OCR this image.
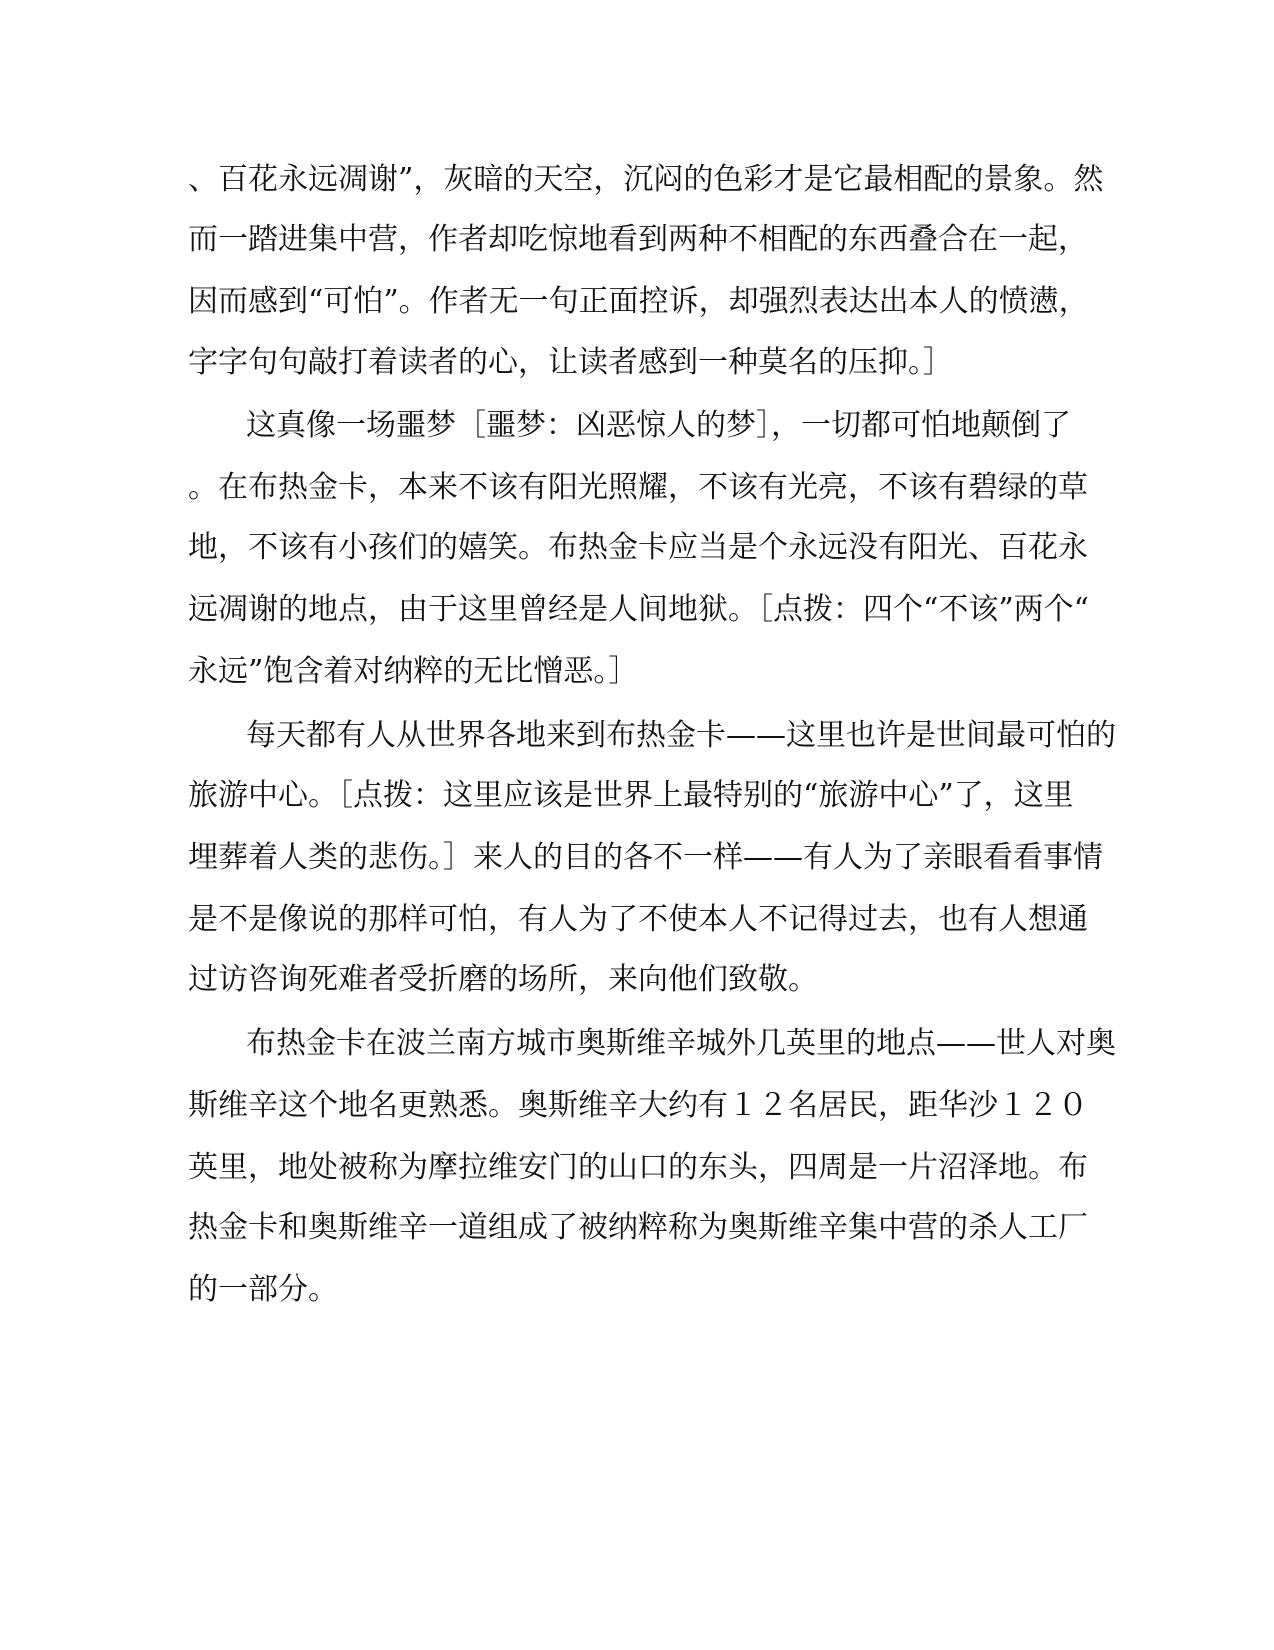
、百花永远凋谢”，灰暗的天空，沉闷的色彩才是它最相配的景象。然
而一踏进集中营，作者却吃惊地看到两种不相配的东西叠合在一起，
因而感到“可怕”。作者无一句正面控诉，却强烈表达出本人的愤懑，
字字句句敲打着读者的心，让读者感到一种莫名的压抑。］
这真像一场噩梦［噩梦：凶恶惊人的梦］，一切都可怕地颠倒了
。在布热金卡，本来不该有阳光照耀，不该有光亮，不该有碧绿的草
地，不该有小孩们的嬉笑。布热金卡应当是个永远没有阳光、百花永
远凋谢的地点，由于这里曾经是人间地狱。［点拨：四个“不该”两个“
永远”饱含着对纳粹的无比憎恶。］
每天都有人从世界各地来到布热金卡——这里也许是世间最可怕的
旅游中心。［点拨：这里应该是世界上最特别的“旅游中心”了，这里
埋葬着人类的悲伤。］来人的目的各不一样——有人为了亲眼看看事情
是不是像说的那样可怕，有人为了不使本人不记得过去，也有人想通
过访咨询死难者受折磨的场所，来向他们致敬。
布热金卡在波兰南方城市奥斯维辛城外几英里的地点——世人对奥
斯维辛这个地名更熟悉。奥斯维辛大约有１２名居民，距华沙１２０
英里，地处被称为摩拉维安门的山口的东头，四周是一片沼泽地。布
热金卡和奥斯维辛一道组成了被纳粹称为奥斯维辛集中营的杀人工厂
的一部分。
